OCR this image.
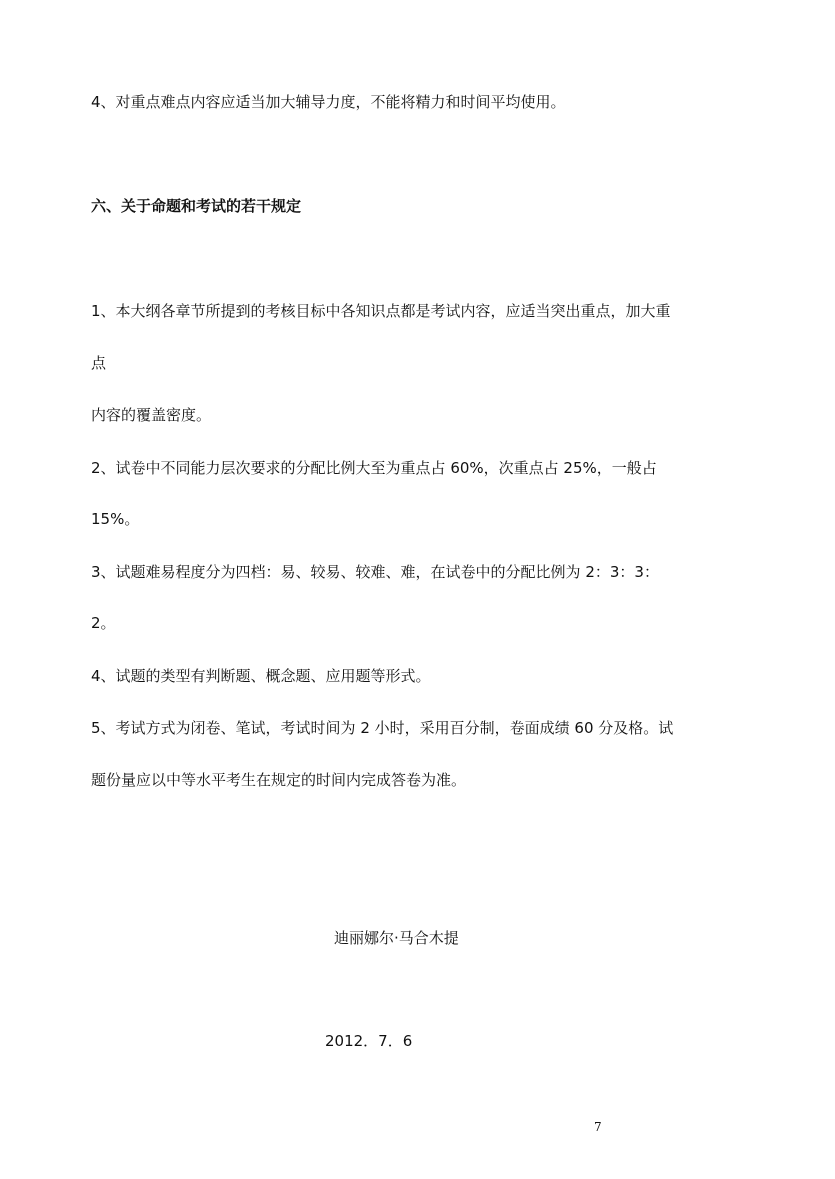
4、对重点难点内容应适当加大辅导力度，不能将精力和时间平均使用。
六、关于命题和考试的若干规定
1、本大纲各章节所提到的考核目标中各知识点都是考试内容，应适当突出重点，加大重
点
内容的覆盖密度。
2、试卷中不同能力层次要求的分配比例大至为重点占 60%，次重点占 25%，一般占
15%。
3、试题难易程度分为四档：易、较易、较难、难，在试卷中的分配比例为 2：3：3：
2。
4、试题的类型有判断题、概念题、应用题等形式。
5、考试方式为闭卷、笔试，考试时间为 2 小时，采用百分制，卷面成绩 60 分及格。试
题份量应以中等水平考生在规定的时间内完成答卷为准。
迪丽娜尔·马合木提
2012．7．6
7
